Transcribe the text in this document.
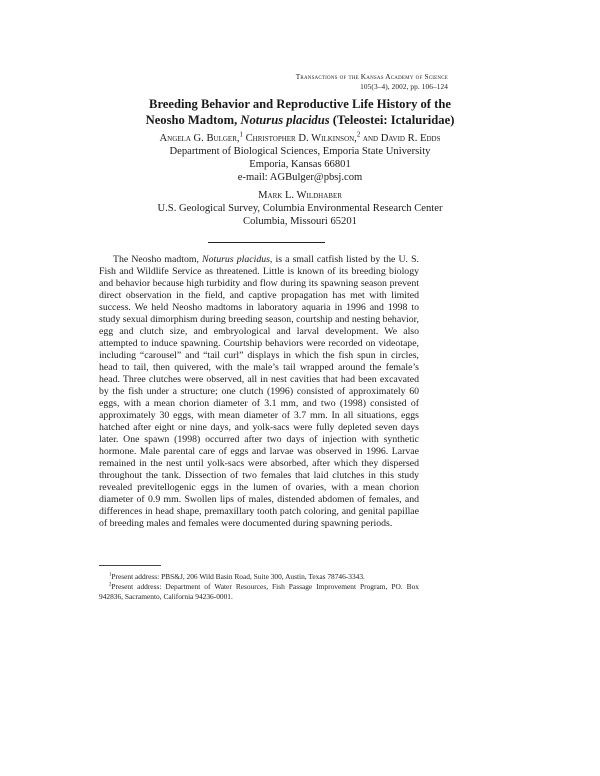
Transactions of the Kansas Academy of Science
105(3–4), 2002, pp. 106–124
Breeding Behavior and Reproductive Life History of the
Neosho Madtom, Noturus placidus (Teleostei: Ictaluridae)
Angela G. Bulger,$^1$ Christopher D. Wilkinson,$^2$ and David R. Edds
Department of Biological Sciences, Emporia State University
Emporia, Kansas 66801
e-mail: AGBulger@pbsj.com
Mark L. Wildhaber
U.S. Geological Survey, Columbia Environmental Research Center
Columbia, Missouri 65201

The Neosho madtom, Noturus placidus, is a small catfish listed by the U. S. Fish and Wildlife Service as threatened. Little is known of its breeding biology and behavior because high turbidity and flow during its spawning season prevent direct observation in the field, and captive propagation has met with limited success. We held Neosho madtoms in laboratory aquaria in 1996 and 1998 to study sexual dimorphism during breeding season, courtship and nesting behavior, egg and clutch size, and embryological and larval development. We also attempted to induce spawning. Courtship behaviors were recorded on videotape, including “carousel” and “tail curl” displays in which the fish spun in circles, head to tail, then quivered, with the male’s tail wrapped around the female’s head. Three clutches were observed, all in nest cavities that had been excavated by the fish under a structure; one clutch (1996) consisted of approximately 60 eggs, with a mean chorion diameter of 3.1 mm, and two (1998) consisted of approximately 30 eggs, with mean diameter of 3.7 mm. In all situations, eggs hatched after eight or nine days, and yolk-sacs were fully depleted seven days later. One spawn (1998) occurred after two days of injection with synthetic hormone. Male parental care of eggs and larvae was observed in 1996. Larvae remained in the nest until yolk-sacs were absorbed, after which they dispersed throughout the tank. Dissection of two females that laid clutches in this study revealed previtellogenic eggs in the lumen of ovaries, with a mean chorion diameter of 0.9 mm. Swollen lips of males, distended abdomen of females, and differences in head shape, premaxillary tooth patch coloring, and genital papillae of breeding males and females were documented during spawning periods.

$^1$Present address: PBS&J, 206 Wild Basin Road, Suite 300, Austin, Texas 78746-3343.

$^2$Present address: Department of Water Resources, Fish Passage Improvement Program, PO. Box 942836, Sacramento, California 94236-0001.
